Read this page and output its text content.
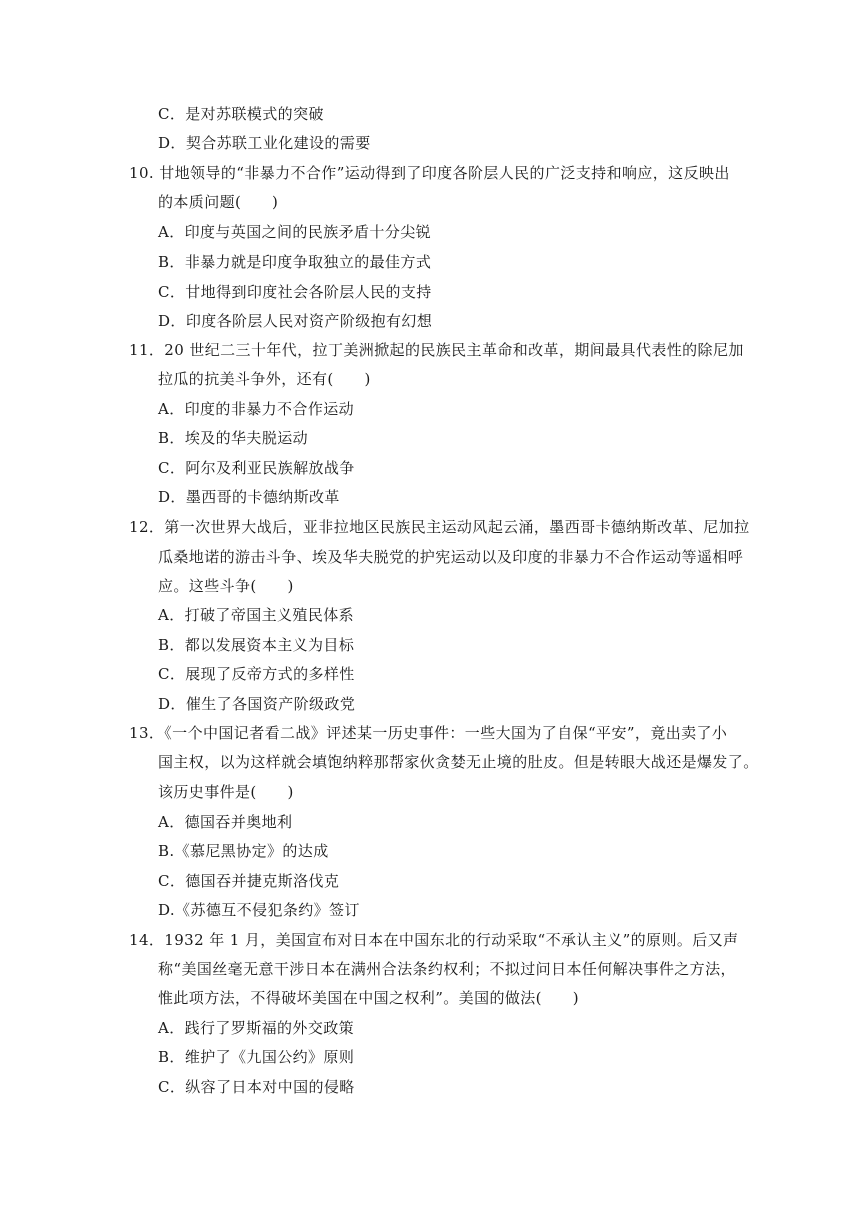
C．是对苏联模式的突破
D．契合苏联工业化建设的需要
10. 甘地领导的“非暴力不合作”运动得到了印度各阶层人民的广泛支持和响应，这反映出
的本质问题(　　)
A．印度与英国之间的民族矛盾十分尖锐
B．非暴力就是印度争取独立的最佳方式
C．甘地得到印度社会各阶层人民的支持
D．印度各阶层人民对资产阶级抱有幻想
11．20 世纪二三十年代，拉丁美洲掀起的民族民主革命和改革，期间最具代表性的除尼加
拉瓜的抗美斗争外，还有(　　)
A．印度的非暴力不合作运动
B．埃及的华夫脱运动
C．阿尔及利亚民族解放战争
D．墨西哥的卡德纳斯改革
12．第一次世界大战后，亚非拉地区民族民主运动风起云涌，墨西哥卡德纳斯改革、尼加拉
瓜桑地诺的游击斗争、埃及华夫脱党的护宪运动以及印度的非暴力不合作运动等遥相呼
应。这些斗争(　　)
A．打破了帝国主义殖民体系
B．都以发展资本主义为目标
C．展现了反帝方式的多样性
D．催生了各国资产阶级政党
13．《一个中国记者看二战》评述某一历史事件：一些大国为了自保“平安”，竟出卖了小
国主权，以为这样就会填饱纳粹那帮家伙贪婪无止境的肚皮。但是转眼大战还是爆发了。
该历史事件是(　　)
A．德国吞并奥地利
B.《慕尼黑协定》的达成
C．德国吞并捷克斯洛伐克
D.《苏德互不侵犯条约》签订
14．1932 年 1 月，美国宣布对日本在中国东北的行动采取“不承认主义”的原则。后又声
称“美国丝毫无意干涉日本在满州合法条约权利；不拟过问日本任何解决事件之方法，
惟此项方法，不得破坏美国在中国之权利”。美国的做法(　　)
A．践行了罗斯福的外交政策
B．维护了《九国公约》原则
C．纵容了日本对中国的侵略
